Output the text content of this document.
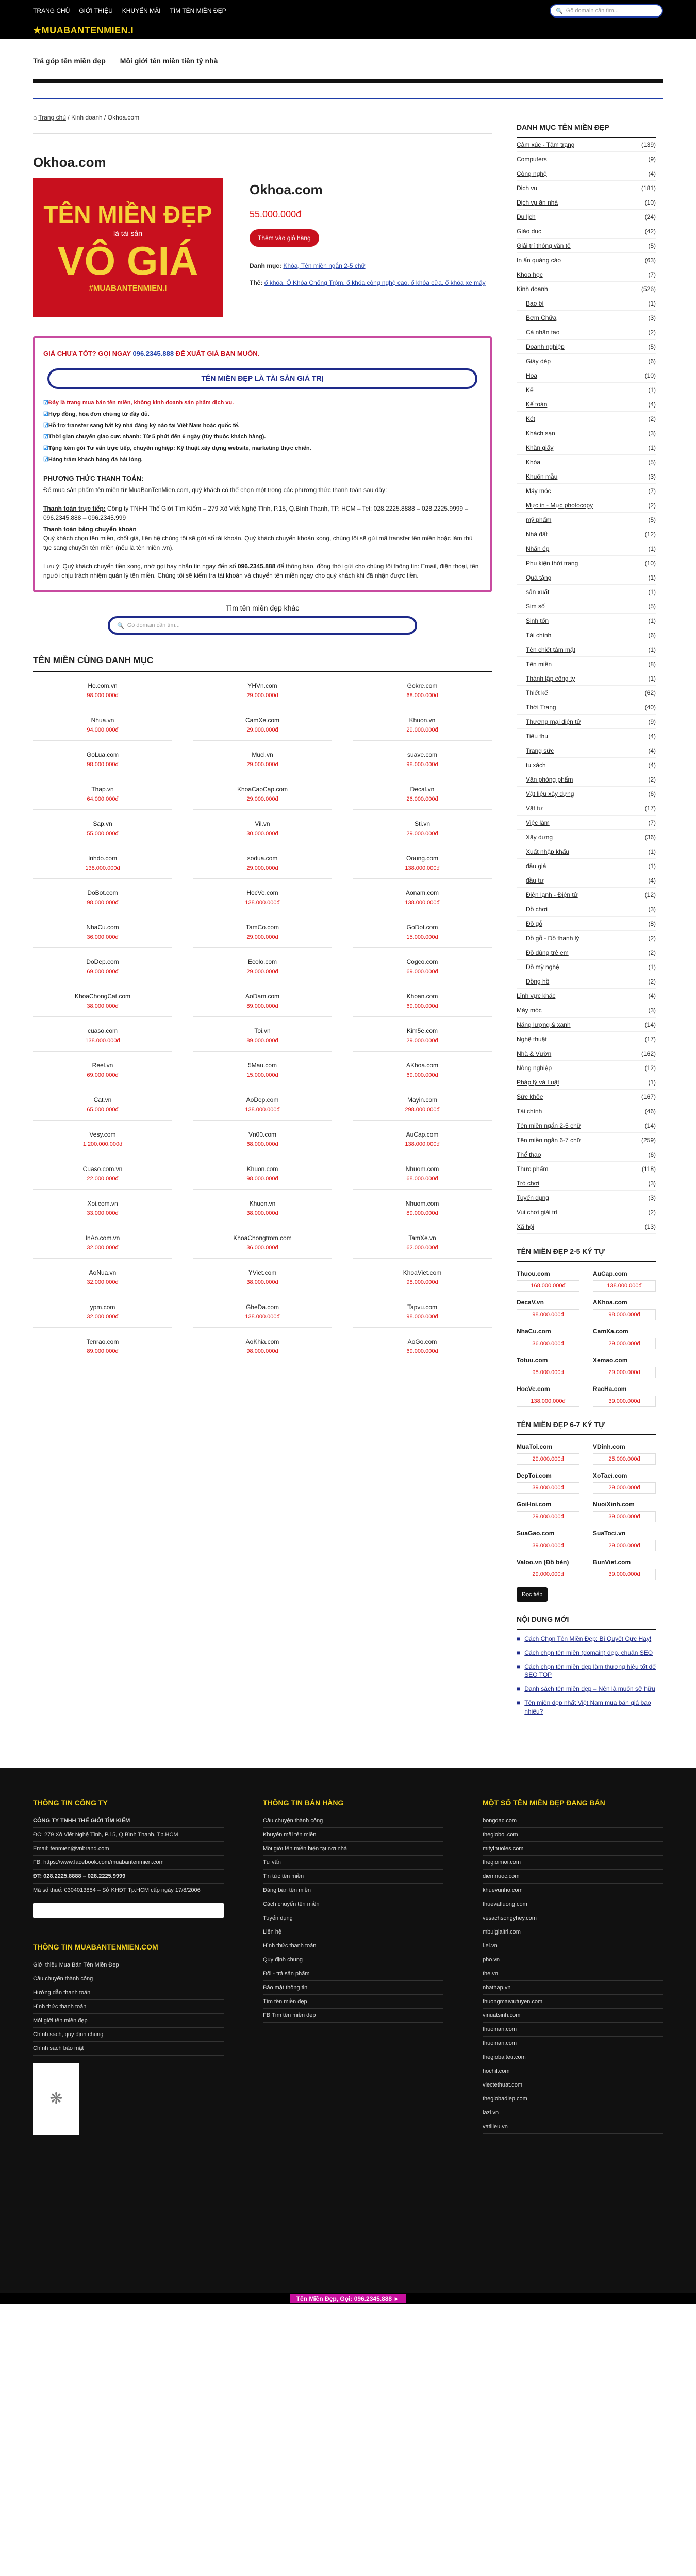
TRANG CHỦ GIỚI THIỆU KHUYẾN MÃI TÌM TÊN MIỀN ĐẸP	🔍 Gõ domain cần tìm...
★MUABANTENMIEN.I
Trả góp tên miền đẹp Môi giới tên miền tiền tỷ nhà
⌂ Trang chủ / Kinh doanh / Okhoa.com
Okhoa.com
TÊN MIỀN ĐẸP
là tài sản
VÔ GIÁ
#MUABANTENMIEN.I
Okhoa.com
55.000.000đ
Thêm vào giỏ hàng
Danh mục: Khóa, Tên miền ngắn 2-5 chữ
Thẻ: ổ khóa, Ổ Khóa Chống Trộm, ổ khóa công nghệ cao, ổ khóa cửa, ổ khóa xe máy
GIÁ CHƯA TỐT? GỌI NGAY 096.2345.888 ĐỂ XUẤT GIÁ BẠN MUỐN.
TÊN MIỀN ĐẸP LÀ TÀI SẢN GIÁ TRỊ
☑ Đây là trang mua bán tên miền, không kinh doanh sản phẩm dịch vụ.
☑ Hợp đồng, hóa đơn chứng từ đầy đủ.
☑ Hỗ trợ transfer sang bất kỳ nhà đăng ký nào tại Việt Nam hoặc quốc tế.
☑ Thời gian chuyển giao cực nhanh: Từ 5 phút đến 6 ngày (tùy thuộc khách hàng).
☑ Tặng kèm gói Tư vấn trực tiếp, chuyên nghiệp: Kỹ thuật xây dựng website, marketing thực chiến.
☑ Hàng trăm khách hàng đã hài lòng.
PHƯƠNG THỨC THANH TOÁN:

Để mua sản phẩm tên miền từ MuaBanTenMien.com, quý khách có thể chọn một trong các phương thức thanh toán sau đây:

Thanh toán trực tiếp: Công ty TNHH Thế Giới Tìm Kiếm – 279 Xô Viết Nghệ Tĩnh, P.15, Q.Bình Thạnh, TP. HCM – Tel: 028.2225.8888 – 028.2225.9999 – 096.2345.888 – 096.2345.999

Thanh toán bằng chuyển khoản
Quý khách chọn tên miền, chốt giá, liên hệ chúng tôi sẽ gửi số tài khoản. Quý khách chuyển khoản xong, chúng tôi sẽ gửi mã transfer tên miền hoặc làm thủ tục sang chuyển tên miền (nếu là tên miền .vn).

Lưu ý: Quý khách chuyển tiền xong, nhớ gọi hay nhắn tin ngay đến số 096.2345.888 để thông báo, đồng thời gửi cho chúng tôi thông tin: Email, điện thoại, tên người chịu trách nhiệm quản lý tên miền. Chúng tôi sẽ kiểm tra tài khoản và chuyển tên miền ngay cho quý khách khi đã nhận được tiền.

Tìm tên miền đẹp khác
🔍 Gõ domain cần tìm...
TÊN MIỀN CÙNG DANH MỤC
Ho.com.vn
98.000.000đ
YHVn.com
29.000.000đ
Gokre.com
68.000.000đ
Nhua.vn
94.000.000đ
CamXe.com
29.000.000đ
Khuon.vn
29.000.000đ
GoLua.com
98.000.000đ
Mucl.vn
29.000.000đ
suave.com
98.000.000đ
Thap.vn
64.000.000đ
KhoaCaoCap.com
29.000.000đ
Decal.vn
26.000.000đ
Sap.vn
55.000.000đ
Vil.vn
30.000.000đ
Sti.vn
29.000.000đ
Inhdo.com
138.000.000đ
sodua.com
29.000.000đ
Ooung.com
138.000.000đ
DoBot.com
98.000.000đ
HocVe.com
138.000.000đ
Aonam.com
138.000.000đ
NhaCu.com
36.000.000đ
TamCo.com
29.000.000đ
GoDot.com
15.000.000đ
DoDep.com
69.000.000đ
Ecolo.com
29.000.000đ
Cogco.com
69.000.000đ
KhoaChongCat.com
38.000.000đ
AoDam.com
89.000.000đ
Khoan.com
69.000.000đ
cuaso.com
138.000.000đ
Toi.vn
89.000.000đ
Kim5e.com
29.000.000đ
Reel.vn
69.000.000đ
5Mau.com
15.000.000đ
AKhoa.com
69.000.000đ
Cat.vn
65.000.000đ
AoDep.com
138.000.000đ
Mayin.com
298.000.000đ
Vesy.com
1.200.000.000đ
Vn00.com
68.000.000đ
AuCap.com
138.000.000đ
Cuaso.com.vn
22.000.000đ
Khuon.com
98.000.000đ
Nhuom.com
68.000.000đ
Xoi.com.vn
33.000.000đ
Khuon.vn
38.000.000đ
Nhuom.com
89.000.000đ
InAo.com.vn
32.000.000đ
KhoaChongtrom.com
36.000.000đ
TamXe.vn
62.000.000đ
AoNua.vn
32.000.000đ
YViet.com
38.000.000đ
KhoaViet.com
98.000.000đ
ypm.com
32.000.000đ
GheDa.com
138.000.000đ
Tapvu.com
98.000.000đ
Tenrao.com
89.000.000đ
AoKhia.com
98.000.000đ
AoGo.com
69.000.000đ
DANH MỤC TÊN MIỀN ĐẸP
Cảm xúc - Tâm trạng	(139)
Computers	(9)
Công nghệ	(4)
Dịch vụ	(181)
Dịch vụ ăn nhà	(10)
Du lịch	(24)
Giáo dục	(42)
Giải trí thông văn tế	(5)
In ấn quảng cáo	(63)
Khoa học	(7)
Kinh doanh	(526)
Bao bì	(1)
Bơm Chữa	(3)
Cá nhân tao	(2)
Doanh nghiệp	(5)
Giày dép	(6)
Hoa	(10)
Kế	(1)
Kế toán	(4)
Két	(2)
Khách sạn	(3)
Khăn giấy	(1)
Khóa	(5)
Khuôn mẫu	(3)
Máy móc	(7)
Mực in - Mực photocopy	(2)
mỹ phẩm	(5)
Nhà đất	(12)
Nhãn ép	(1)
Phụ kiện thời trang	(10)
Quà tặng	(1)
sản xuất	(1)
Sim số	(5)
Sinh tốn	(1)
Tài chính	(6)
Tên chiết tâm mặt	(1)
Tên miền	(8)
Thành lập công ty	(1)
Thiết kế	(62)
Thời Trang	(40)
Thương mại điện tử	(9)
Tiêu thụ	(4)
Trang sức	(4)
tụ xách	(4)
Văn phòng phẩm	(2)
Vật liệu xây dựng	(6)
Vật tư	(17)
Việc làm	(7)
Xây dựng	(36)
Xuất nhập khẩu	(1)
đầu giá	(1)
đầu tư	(4)
Điện lạnh - Điện tử	(12)
Đồ chơi	(3)
Đồ gỗ	(8)
Đồ gỗ - Đồ thanh lý	(2)
Đồ dùng trẻ em	(2)
Đồ mỹ nghệ	(1)
Đồng hồ	(2)
Lĩnh vực khác	(4)
Máy móc	(3)
Năng lượng & xanh	(14)
Nghệ thuật	(17)
Nhà & Vườn	(162)
Nông nghiệp	(12)
Pháp lý và Luật	(1)
Sức khỏe	(167)
Tài chính	(46)
Tên miền ngắn 2-5 chữ	(14)
Tên miền ngắn 6-7 chữ	(259)
Thể thao	(6)
Thực phẩm	(118)
Trò chơi	(3)
Tuyển dụng	(3)
Vui chơi giải trí	(2)
Xã hội	(13)
TÊN MIỀN ĐẸP 2-5 KÝ TỰ
Thuou.com
168.000.000đ
AuCap.com
138.000.000đ
DecaV.vn
98.000.000đ
AKhoa.com
98.000.000đ
NhaCu.com
36.000.000đ
CamXa.com
29.000.000đ
Totuu.com
98.000.000đ
Xemao.com
29.000.000đ
HocVe.com
138.000.000đ
RacHa.com
39.000.000đ
TÊN MIỀN ĐẸP 6-7 KÝ TỰ
MuaToi.com
29.000.000đ
VDinh.com
25.000.000đ
DepToi.com
39.000.000đ
XoTaei.com
29.000.000đ
GoiHoi.com
29.000.000đ
NuoiXinh.com
39.000.000đ
SuaGao.com
39.000.000đ
SuaToci.vn
29.000.000đ
Valoo.vn (Đồ bèn)
29.000.000đ
BunViet.com
39.000.000đ
Đọc tiếp
NỘI DUNG MỚI
■ Cách Chọn Tên Miền Đẹp: Bí Quyết Cực Hay!
■ Cách chọn tên miền (domain) đẹp, chuẩn SEO
■ Cách chọn tên miền đẹp làm thương hiệu tốt để SEO TOP
■ Danh sách tên miền đẹp – Nên là muốn sở hữu
■ Tên miền đẹp nhất Việt Nam mua bán giá bao nhiêu?
THÔNG TIN CÔNG TY
CÔNG TY TNHH THẾ GIỚI TÌM KIẾM
ĐC: 279 Xô Viết Nghệ Tĩnh, P.15, Q.Bình Thạnh, Tp.HCM
Email: tenmien@vnbrand.com
FB: https://www.facebook.com/muabantenmien.com
ĐT: 028.2225.8888 – 028.2225.9999
Mã số thuế: 0304013884 – Sở KHĐT Tp.HCM cấp ngày 17/8/2006
THÔNG TIN MUABANTENMIEN.COM
Giới thiệu Mua Bán Tên Miền Đẹp
Cầu chuyển thành công
Hướng dẫn thanh toán
Hình thức thanh toán
Môi giới tên miền đẹp
Chính sách, quy định chung
Chính sách bảo mật
❋
THÔNG TIN BÁN HÀNG
Câu chuyện thành công
Khuyến mãi tên miền
Môi giới tên miền hiện tại nơi nhà
Tư vấn
Tin tức tên miền
Đăng bán tên miền
Cách chuyển tên miền
Tuyển dụng
Liên hệ
Hình thức thanh toán
Quy định chung
Đối - trả sản phẩm
Bảo mật thông tin
Tìm tên miền đẹp
FB Tìm tên miền đẹp
MỘT SỐ TÊN MIỀN ĐẸP ĐANG BÁN
bongdac.com
thegiobol.com
mitythuoles.com
thegioimoi.com
diemnuoc.com
khuevunho.com
thuevatluong.com
vesachsongyhey.com
mbuigiaitri.com
l.el.vn
pho.vn
the.vn
nhathap.vn
thuongmaiviutuyen.com
vinuatsinh.com
thuoinan.com
thuoinan.com
thegiobalteu.com
hochil.com
viectethuat.com
thegiobadiep.com
lazi.vn
vatllieu.vn
Tên Miền Đẹp, Gọi: 096.2345.888 ►
